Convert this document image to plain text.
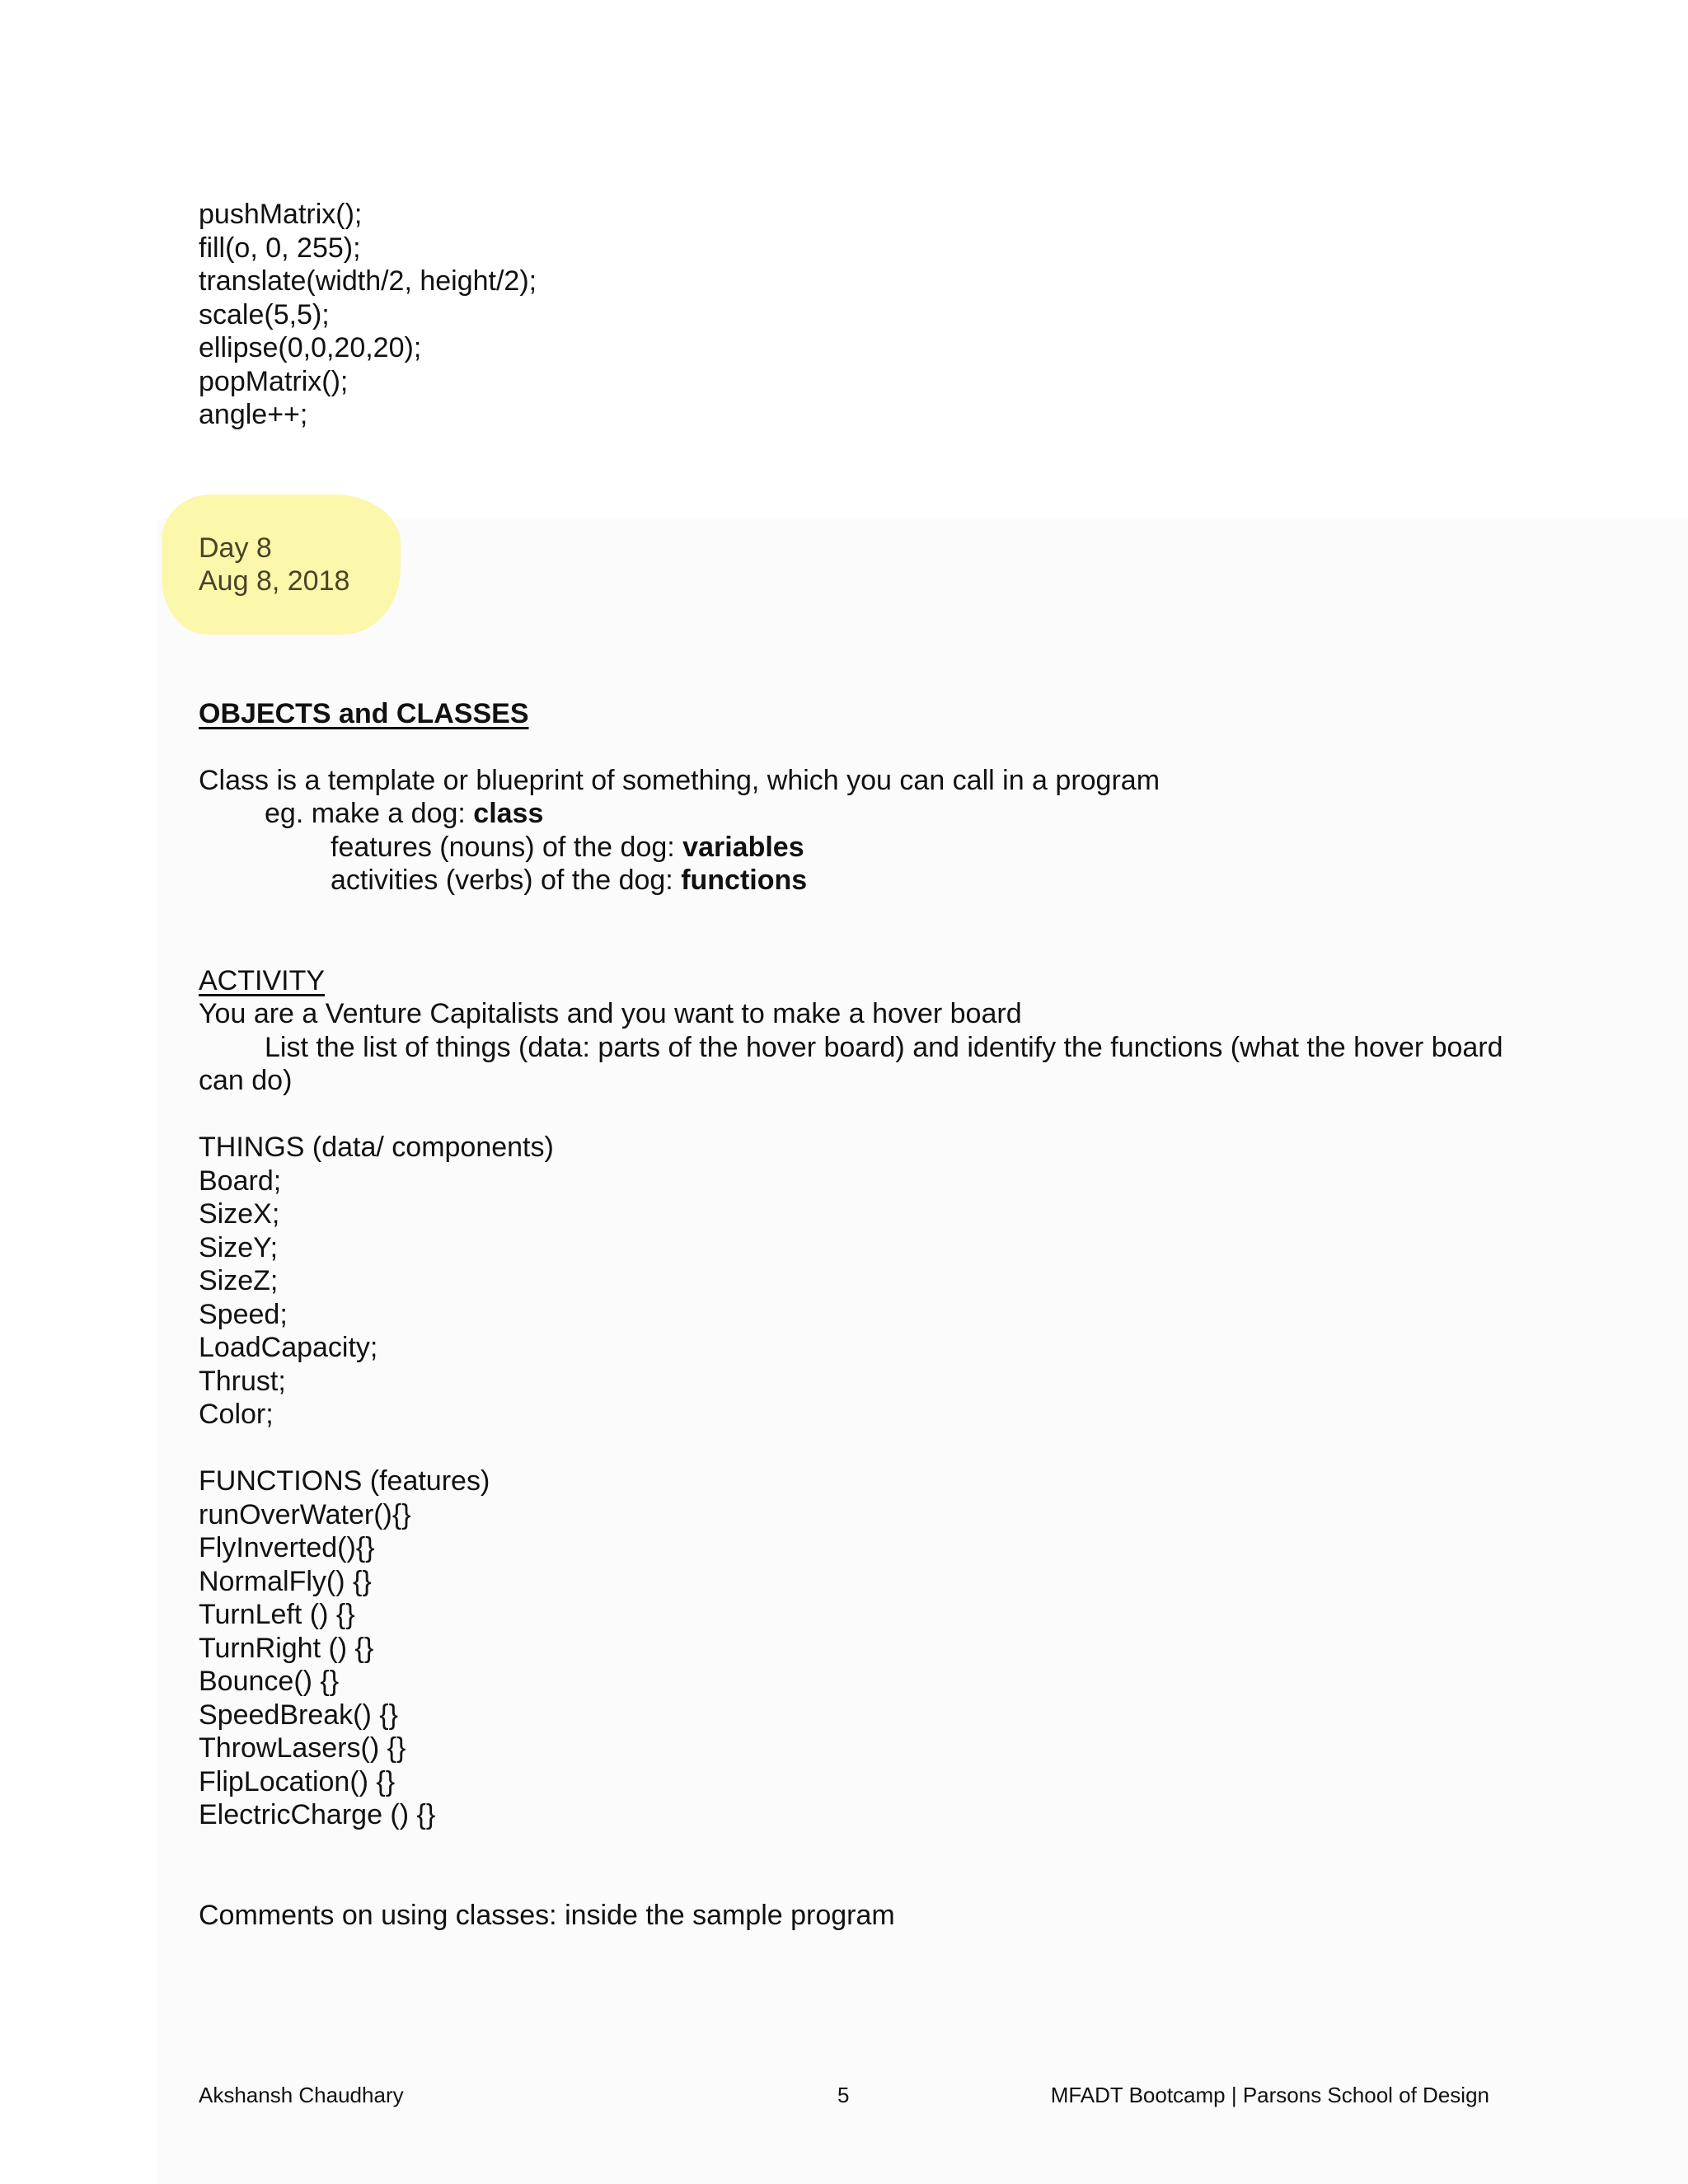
pushMatrix();
fill(o, 0, 255);
translate(width/2, height/2);
scale(5,5);
ellipse(0,0,20,20);
popMatrix();
angle++;
Day 8
Aug 8, 2018
OBJECTS and CLASSES
Class is a template or blueprint of something, which you can call in a program
eg. make a dog: class
features (nouns) of the dog: variables
activities (verbs) of the dog: functions
ACTIVITY
You are a Venture Capitalists and you want to make a hover board
List the list of things (data: parts of the hover board) and identify the functions (what the hover board can do)
THINGS (data/ components)
Board;
SizeX;
SizeY;
SizeZ;
Speed;
LoadCapacity;
Thrust;
Color;
FUNCTIONS (features)
runOverWater(){}
FlyInverted(){}
NormalFly() {}
TurnLeft () {}
TurnRight () {}
Bounce() {}
SpeedBreak() {}
ThrowLasers() {}
FlipLocation() {}
ElectricCharge () {}
Comments on using classes: inside the sample program
Akshansh Chaudhary	5	MFADT Bootcamp | Parsons School of Design
